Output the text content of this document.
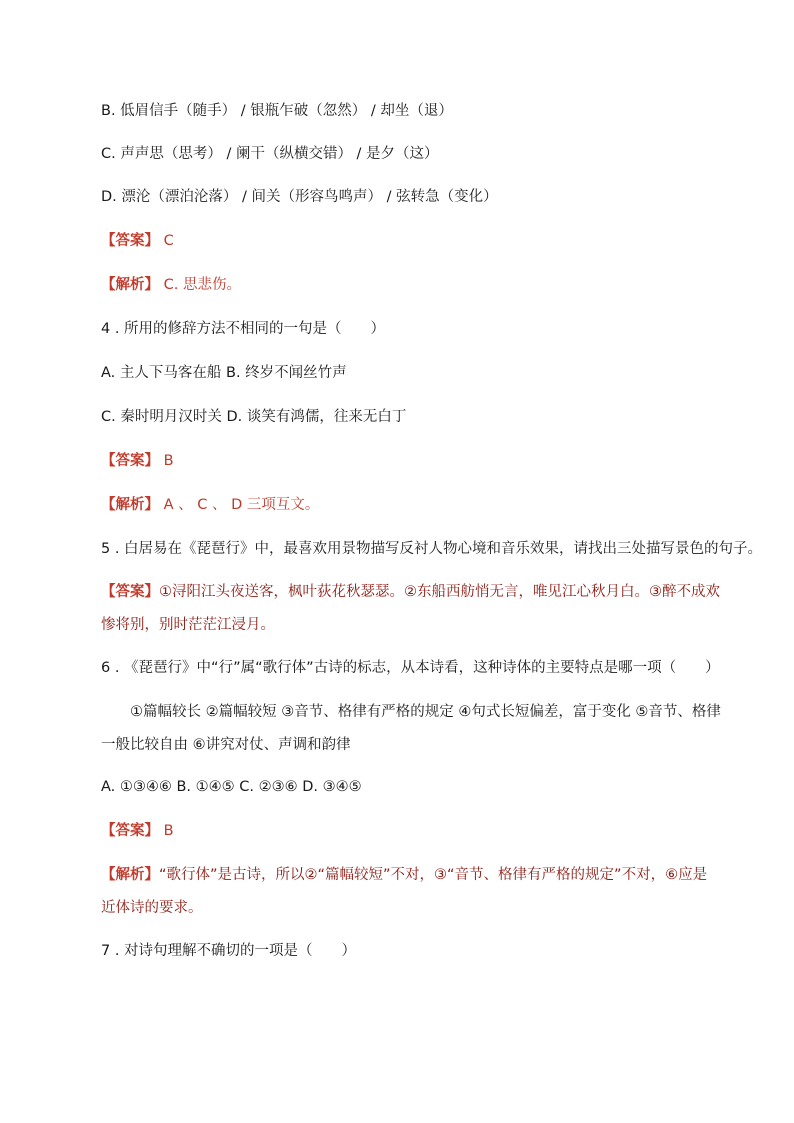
B. 低眉信手（随手） / 银瓶乍破（忽然） / 却坐（退）
C. 声声思（思考） / 阑干（纵横交错） / 是夕（这）
D. 漂沦（漂泊沦落） / 间关（形容鸟鸣声） / 弦转急（变化）
【答案】 C
【解析】 C. 思悲伤。
4 . 所用的修辞方法不相同的一句是（　　）
A. 主人下马客在船 B. 终岁不闻丝竹声
C. 秦时明月汉时关 D. 谈笑有鸿儒，往来无白丁
【答案】 B
【解析】 A 、 C 、 D 三项互文。
5 . 白居易在《琵琶行》中，最喜欢用景物描写反衬人物心境和音乐效果，请找出三处描写景色的句子。
【答案】①浔阳江头夜送客，枫叶荻花秋瑟瑟。②东船西舫悄无言，唯见江心秋月白。③醉不成欢惨将别，别时茫茫江浸月。
6 . 《琵琶行》中“行”属“歌行体”古诗的标志，从本诗看，这种诗体的主要特点是哪一项（　　）
①篇幅较长 ②篇幅较短 ③音节、格律有严格的规定 ④句式长短偏差，富于变化 ⑤音节、格律一般比较自由 ⑥讲究对仗、声调和韵律
A. ①③④⑥ B. ①④⑤ C. ②③⑥ D. ③④⑤
【答案】 B
【解析】“歌行体”是古诗，所以②“篇幅较短”不对，③“音节、格律有严格的规定”不对，⑥应是近体诗的要求。
7 . 对诗句理解不确切的一项是（　　）
